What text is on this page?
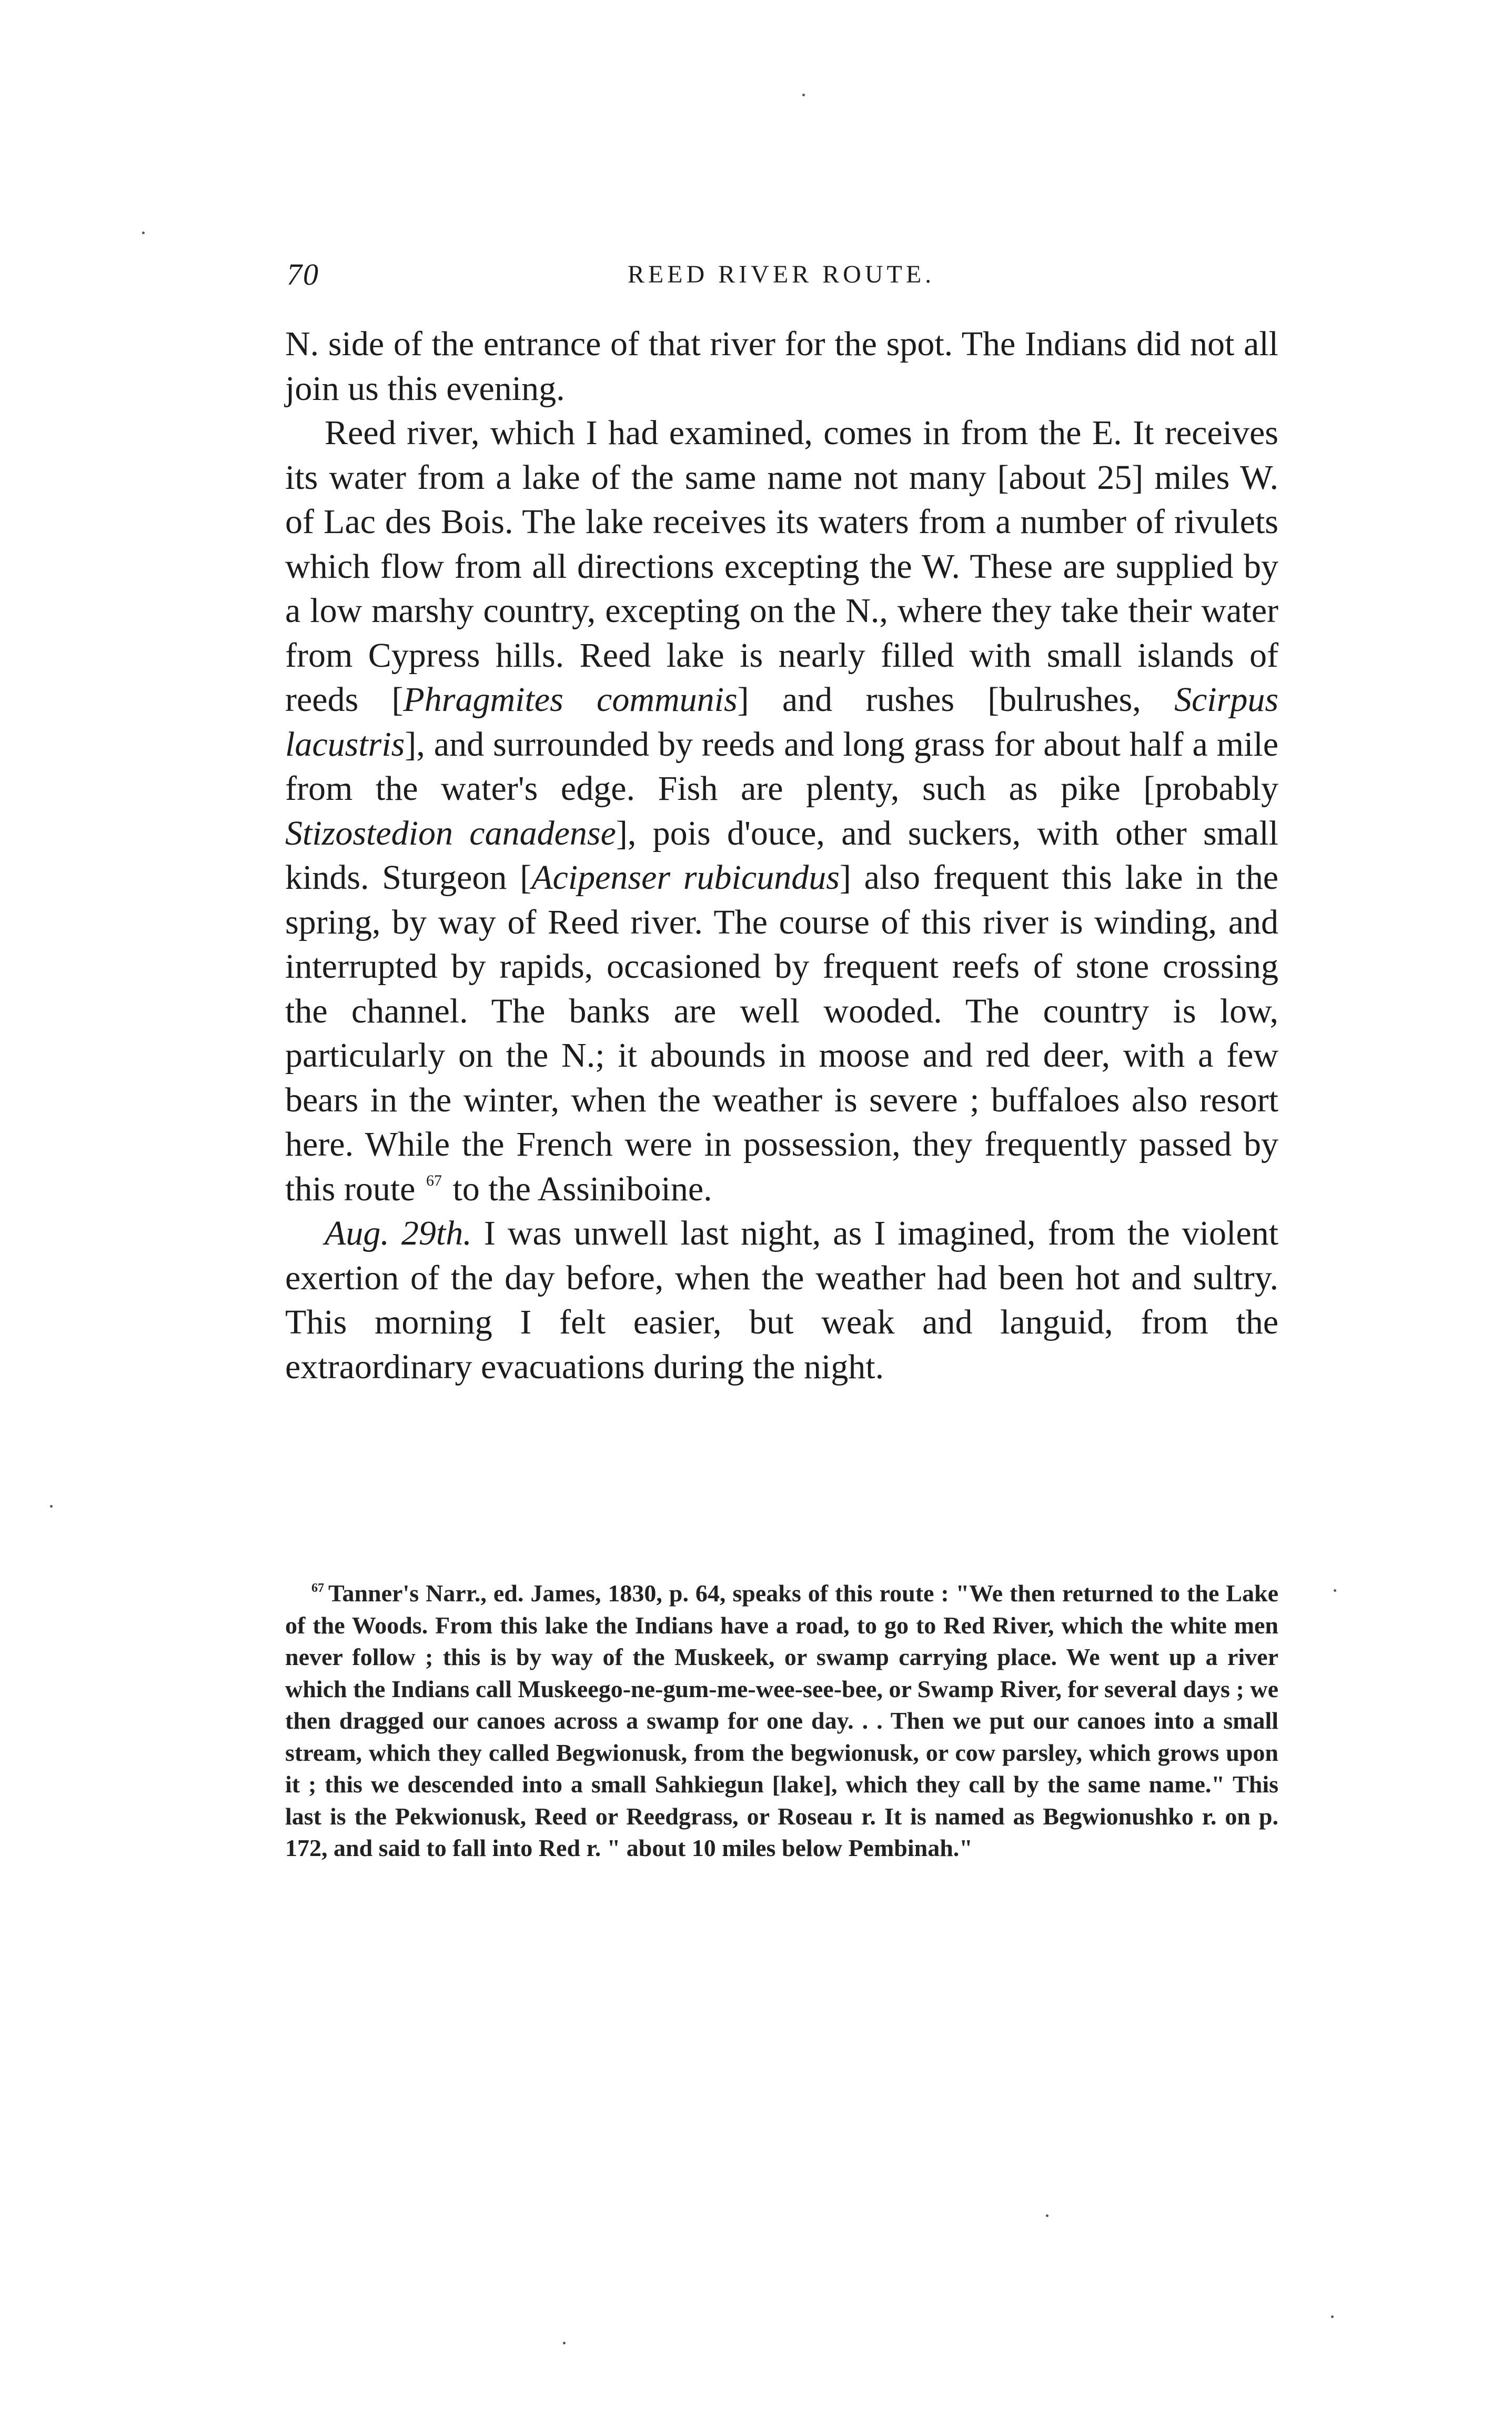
70	REED RIVER ROUTE.

N. side of the entrance of that river for the spot. The Indians did not all join us this evening.

Reed river, which I had examined, comes in from the E. It receives its water from a lake of the same name not many [about 25] miles W. of Lac des Bois. The lake receives its waters from a number of rivulets which flow from all directions excepting the W. These are supplied by a low marshy country, excepting on the N., where they take their water from Cypress hills. Reed lake is nearly filled with small islands of reeds [Phragmites communis] and rushes [bulrushes, Scirpus lacustris], and surrounded by reeds and long grass for about half a mile from the water's edge. Fish are plenty, such as pike [probably Stizostedion canadense], pois d'ouce, and suckers, with other small kinds. Sturgeon [Acipenser rubicundus] also frequent this lake in the spring, by way of Reed river. The course of this river is winding, and interrupted by rapids, occasioned by frequent reefs of stone crossing the channel. The banks are well wooded. The country is low, particularly on the N.; it abounds in moose and red deer, with a few bears in the winter, when the weather is severe ; buffaloes also resort here. While the French were in possession, they frequently passed by this route $^{67}$ to the Assiniboine.

Aug. 29th. I was unwell last night, as I imagined, from the violent exertion of the day before, when the weather had been hot and sultry. This morning I felt easier, but weak and languid, from the extraordinary evacuations during the night.

$^{67}$ Tanner's Narr., ed. James, 1830, p. 64, speaks of this route : "We then returned to the Lake of the Woods. From this lake the Indians have a road, to go to Red River, which the white men never follow ; this is by way of the Muskeek, or swamp carrying place. We went up a river which the Indians call Muskeego-ne-gum-me-wee-see-bee, or Swamp River, for several days ; we then dragged our canoes across a swamp for one day. . . Then we put our canoes into a small stream, which they called Begwionusk, from the begwionusk, or cow parsley, which grows upon it ; this we descended into a small Sahkiegun [lake], which they call by the same name." This last is the Pekwionusk, Reed or Reedgrass, or Roseau r. It is named as Begwionushko r. on p. 172, and said to fall into Red r. " about 10 miles below Pembinah."
